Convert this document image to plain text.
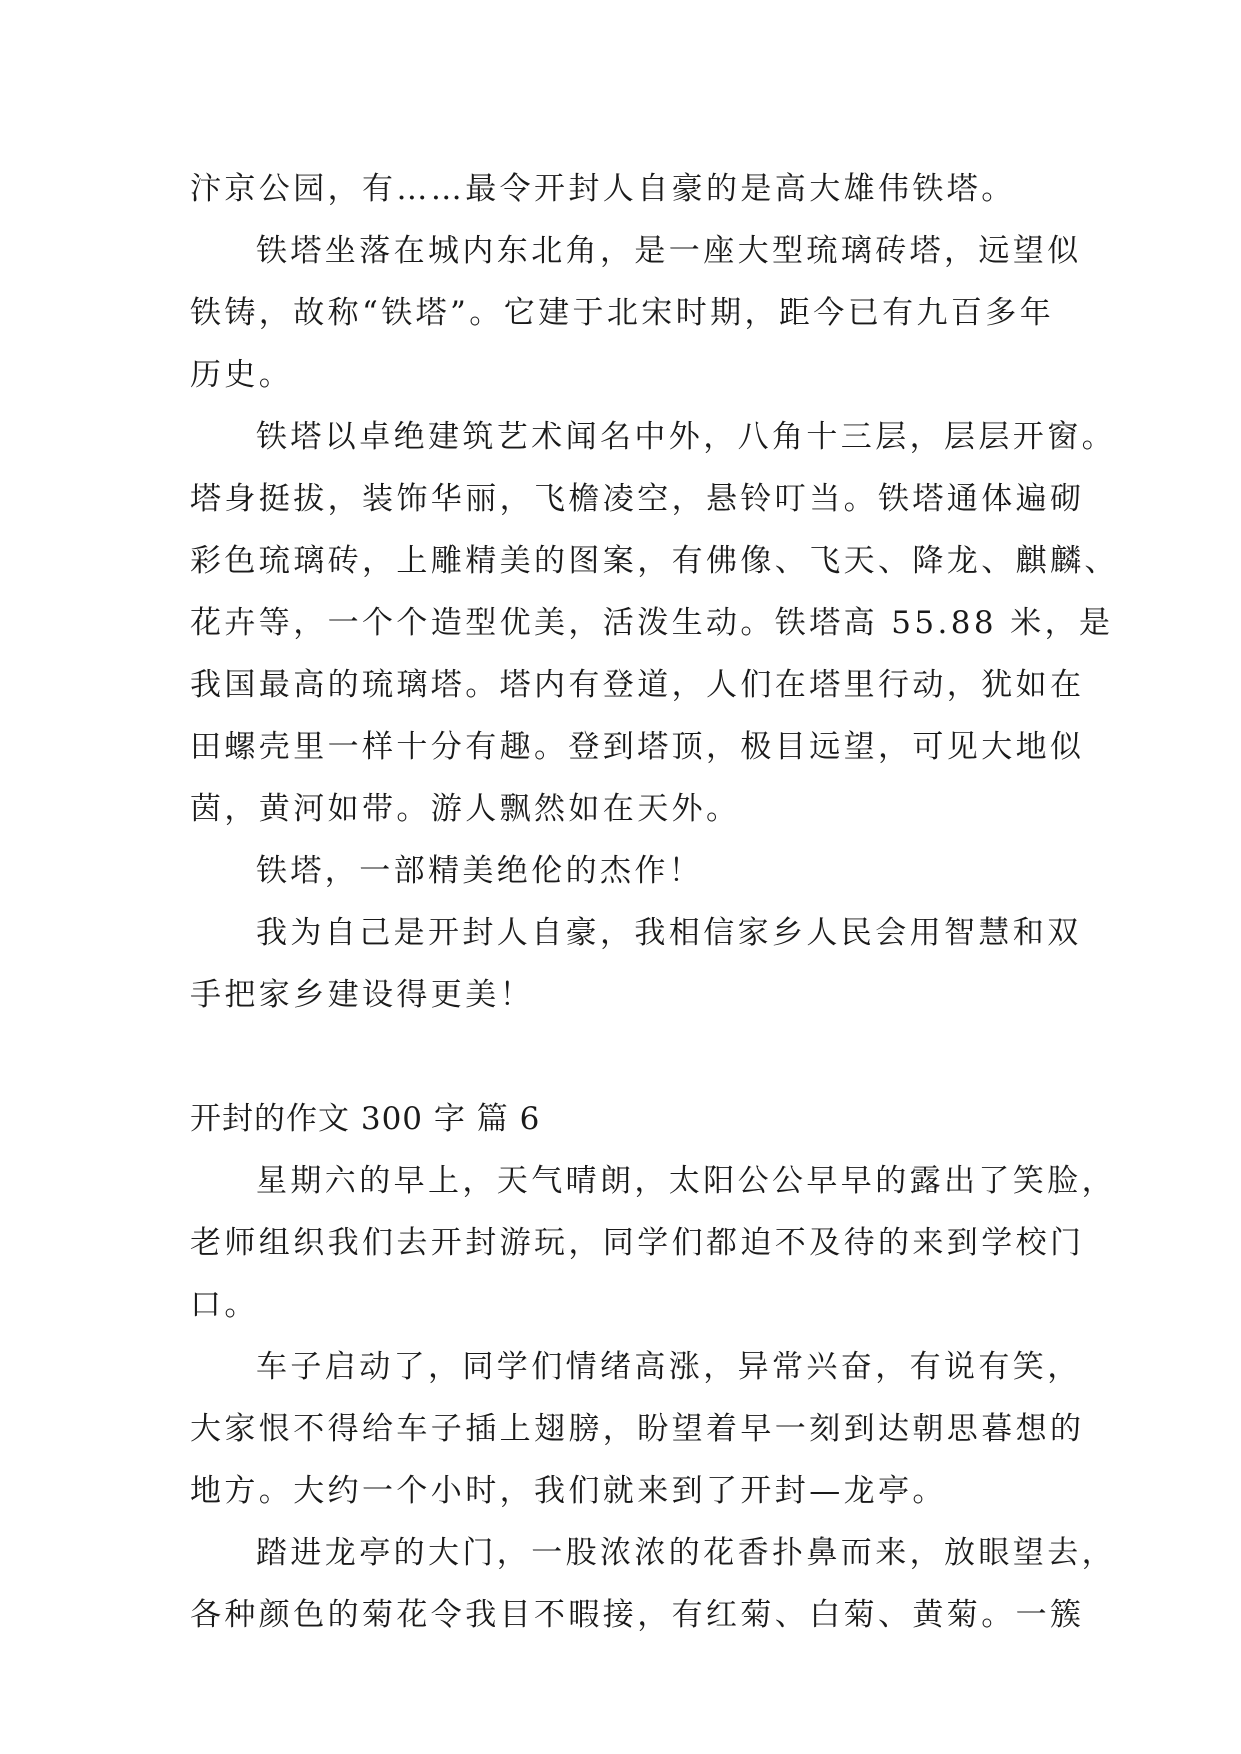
汴京公园，有……最令开封人自豪的是高大雄伟铁塔。
铁塔坐落在城内东北角，是一座大型琉璃砖塔，远望似
铁铸，故称“铁塔”。它建于北宋时期，距今已有九百多年
历史。
铁塔以卓绝建筑艺术闻名中外，八角十三层，层层开窗。
塔身挺拔，装饰华丽，飞檐凌空，悬铃叮当。铁塔通体遍砌
彩色琉璃砖，上雕精美的图案，有佛像、飞天、降龙、麒麟、
花卉等，一个个造型优美，活泼生动。铁塔高 55.88 米，是
我国最高的琉璃塔。塔内有登道，人们在塔里行动，犹如在
田螺壳里一样十分有趣。登到塔顶，极目远望，可见大地似
茵，黄河如带。游人飘然如在天外。
铁塔，一部精美绝伦的杰作！
我为自己是开封人自豪，我相信家乡人民会用智慧和双
手把家乡建设得更美！
开封的作文 300 字 篇 6
星期六的早上，天气晴朗，太阳公公早早的露出了笑脸，
老师组织我们去开封游玩，同学们都迫不及待的来到学校门
口。
车子启动了，同学们情绪高涨，异常兴奋，有说有笑，
大家恨不得给车子插上翅膀，盼望着早一刻到达朝思暮想的
地方。大约一个小时，我们就来到了开封—龙亭。
踏进龙亭的大门，一股浓浓的花香扑鼻而来，放眼望去，
各种颜色的菊花令我目不暇接，有红菊、白菊、黄菊。一簇
